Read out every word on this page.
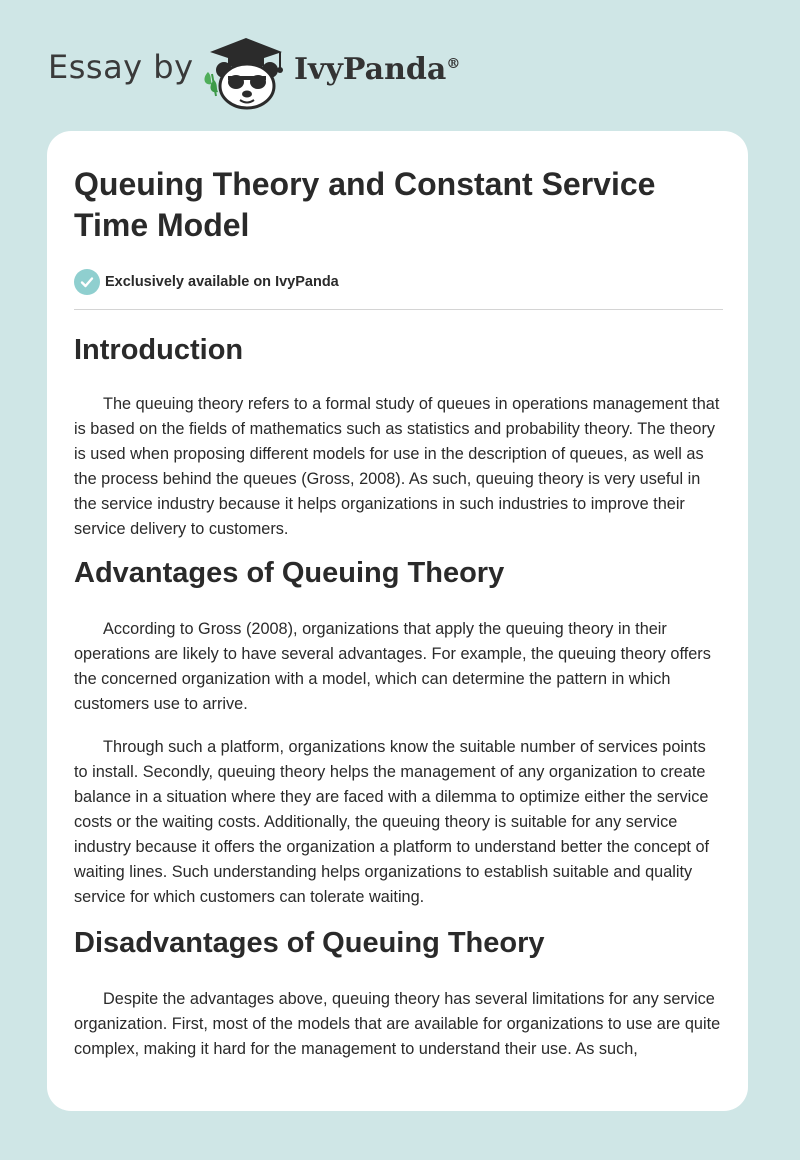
Essay by	IvyPanda®
Queuing Theory and Constant Service Time Model
Exclusively available on IvyPanda
Introduction

The queuing theory refers to a formal study of queues in operations management that is based on the fields of mathematics such as statistics and probability theory. The theory is used when proposing different models for use in the description of queues, as well as the process behind the queues (Gross, 2008). As such, queuing theory is very useful in the service industry because it helps organizations in such industries to improve their service delivery to customers.

Advantages of Queuing Theory

According to Gross (2008), organizations that apply the queuing theory in their operations are likely to have several advantages. For example, the queuing theory offers the concerned organization with a model, which can determine the pattern in which customers use to arrive.

Through such a platform, organizations know the suitable number of services points to install. Secondly, queuing theory helps the management of any organization to create balance in a situation where they are faced with a dilemma to optimize either the service costs or the waiting costs. Additionally, the queuing theory is suitable for any service industry because it offers the organization a platform to understand better the concept of waiting lines. Such understanding helps organizations to establish suitable and quality service for which customers can tolerate waiting.

Disadvantages of Queuing Theory

Despite the advantages above, queuing theory has several limitations for any service organization. First, most of the models that are available for organizations to use are quite complex, making it hard for the management to understand their use. As such,
